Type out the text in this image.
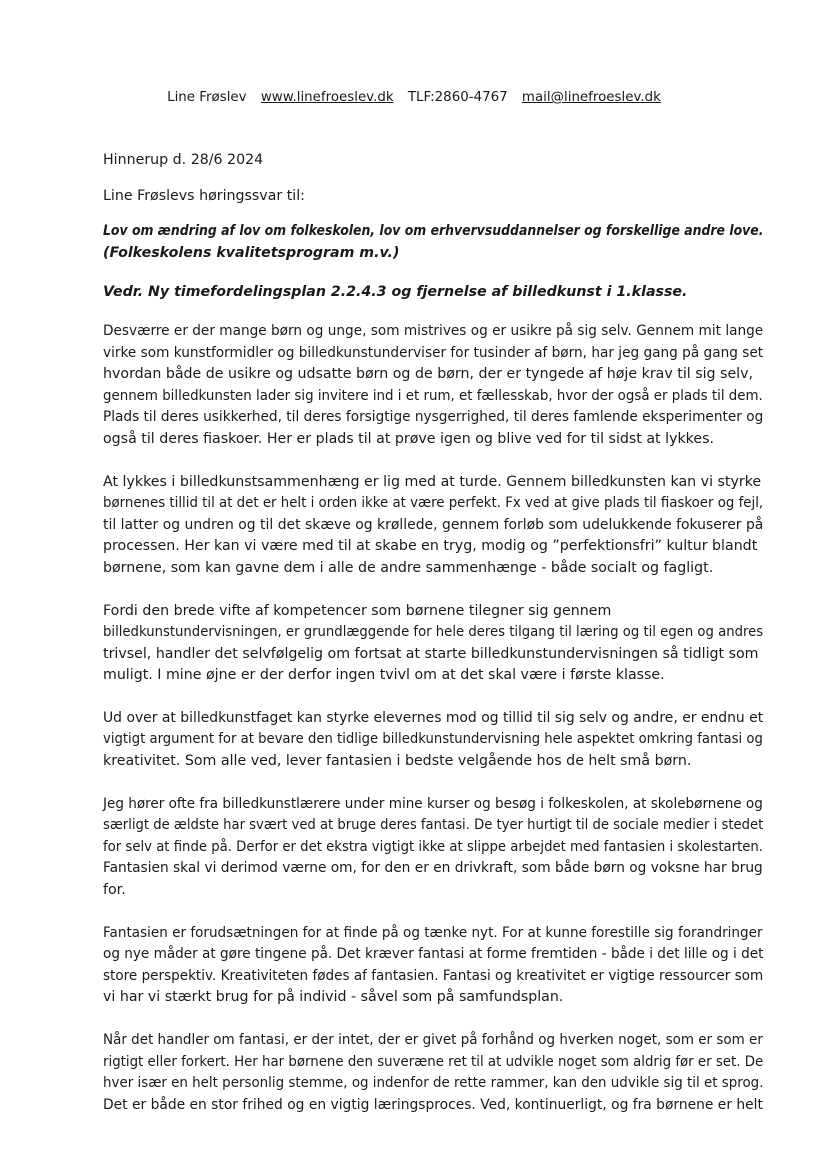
Line Frøslev www.linefroeslev.dk TLF:2860-4767 mail@linefroeslev.dk
Hinnerup d. 28/6 2024
Line Frøslevs høringssvar til:
Lov om ændring af lov om folkeskolen, lov om erhvervsuddannelser og forskellige andre love.
(Folkeskolens kvalitetsprogram m.v.)
Vedr. Ny timefordelingsplan 2.2.4.3 og fjernelse af billedkunst i 1.klasse.
Desværre er der mange børn og unge, som mistrives og er usikre på sig selv. Gennem mit lange
virke som kunstformidler og billedkunstunderviser for tusinder af børn, har jeg gang på gang set
hvordan både de usikre og udsatte børn og de børn, der er tyngede af høje krav til sig selv,
gennem billedkunsten lader sig invitere ind i et rum, et fællesskab, hvor der også er plads til dem.
Plads til deres usikkerhed, til deres forsigtige nysgerrighed, til deres famlende eksperimenter og
også til deres fiaskoer. Her er plads til at prøve igen og blive ved for til sidst at lykkes.
At lykkes i billedkunstsammenhæng er lig med at turde. Gennem billedkunsten kan vi styrke
børnenes tillid til at det er helt i orden ikke at være perfekt. Fx ved at give plads til fiaskoer og fejl,
til latter og undren og til det skæve og krøllede, gennem forløb som udelukkende fokuserer på
processen. Her kan vi være med til at skabe en tryg, modig og ”perfektionsfri” kultur blandt
børnene, som kan gavne dem i alle de andre sammenhænge - både socialt og fagligt.
Fordi den brede vifte af kompetencer som børnene tilegner sig gennem
billedkunstundervisningen, er grundlæggende for hele deres tilgang til læring og til egen og andres
trivsel, handler det selvfølgelig om fortsat at starte billedkunstundervisningen så tidligt som
muligt. I mine øjne er der derfor ingen tvivl om at det skal være i første klasse.
Ud over at billedkunstfaget kan styrke elevernes mod og tillid til sig selv og andre, er endnu et
vigtigt argument for at bevare den tidlige billedkunstundervisning hele aspektet omkring fantasi og
kreativitet. Som alle ved, lever fantasien i bedste velgående hos de helt små børn.
Jeg hører ofte fra billedkunstlærere under mine kurser og besøg i folkeskolen, at skolebørnene og
særligt de ældste har svært ved at bruge deres fantasi. De tyer hurtigt til de sociale medier i stedet
for selv at finde på. Derfor er det ekstra vigtigt ikke at slippe arbejdet med fantasien i skolestarten.
Fantasien skal vi derimod værne om, for den er en drivkraft, som både børn og voksne har brug
for.
Fantasien er forudsætningen for at finde på og tænke nyt. For at kunne forestille sig forandringer
og nye måder at gøre tingene på. Det kræver fantasi at forme fremtiden - både i det lille og i det
store perspektiv. Kreativiteten fødes af fantasien. Fantasi og kreativitet er vigtige ressourcer som
vi har vi stærkt brug for på individ - såvel som på samfundsplan.
Når det handler om fantasi, er der intet, der er givet på forhånd og hverken noget, som er som er
rigtigt eller forkert. Her har børnene den suveræne ret til at udvikle noget som aldrig før er set. De
hver især en helt personlig stemme, og indenfor de rette rammer, kan den udvikle sig til et sprog.
Det er både en stor frihed og en vigtig læringsproces. Ved, kontinuerligt, og fra børnene er helt
